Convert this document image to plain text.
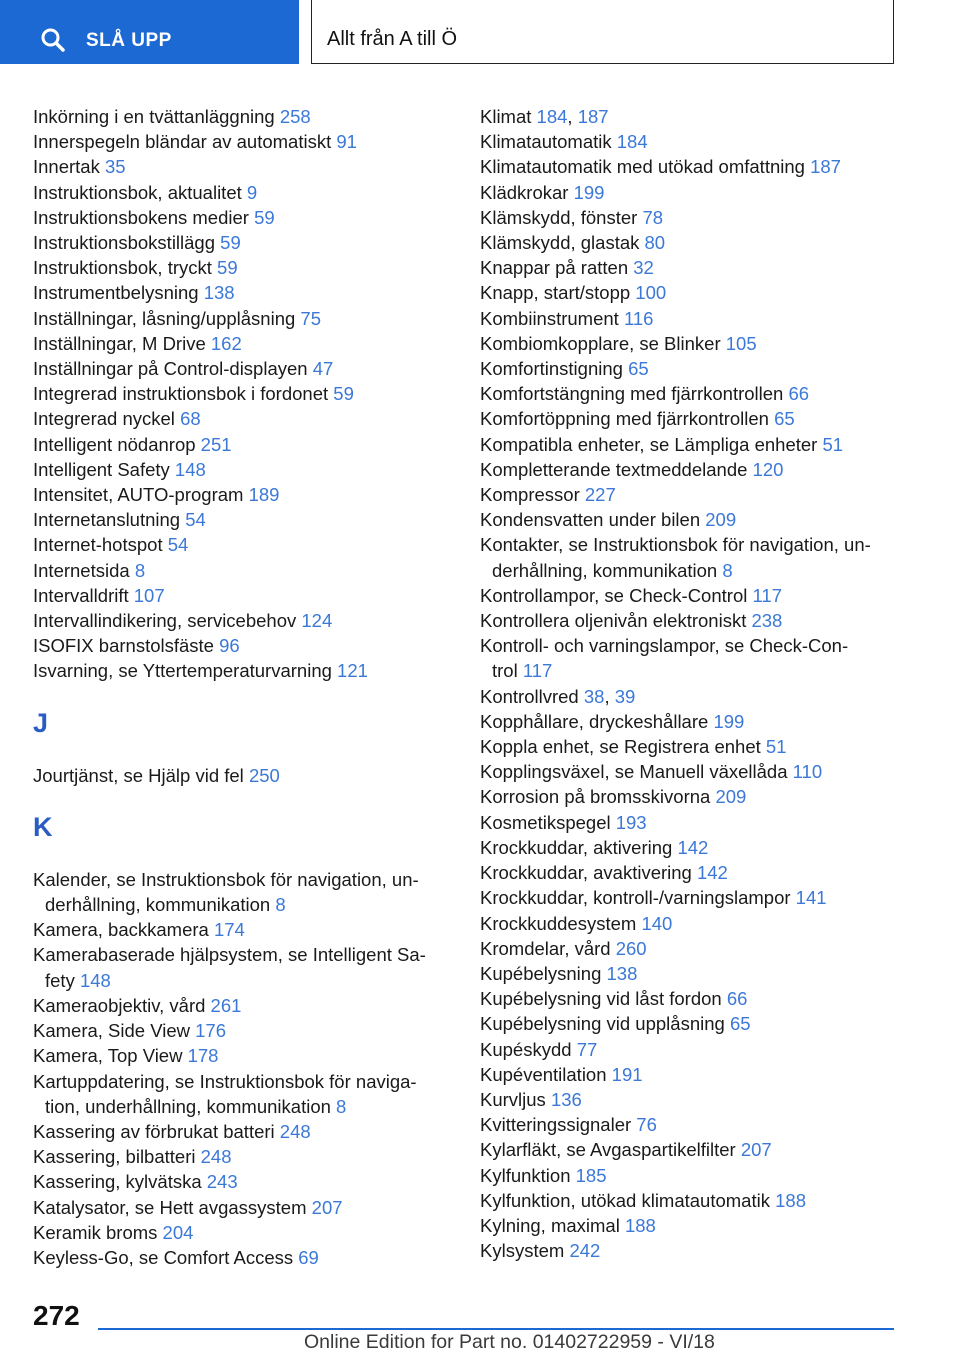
SLÅ UPP	Allt från A till Ö
Inkörning i en tvättanläggning 258
Innerspegeln bländar av automatiskt 91
Innertak 35
Instruktionsbok, aktualitet 9
Instruktionsbokens medier 59
Instruktionsbokstillägg 59
Instruktionsbok, tryckt 59
Instrumentbelysning 138
Inställningar, låsning/upplåsning 75
Inställningar, M Drive 162
Inställningar på Control-displayen 47
Integrerad instruktionsbok i fordonet 59
Integrerad nyckel 68
Intelligent nödanrop 251
Intelligent Safety 148
Intensitet, AUTO-program 189
Internetanslutning 54
Internet-hotspot 54
Internetsida 8
Intervalldrift 107
Intervallindikering, servicebehov 124
ISOFIX barnstolsfäste 96
Isvarning, se Yttertemperaturvarning 121
J
Jourtjänst, se Hjälp vid fel 250
K
Kalender, se Instruktionsbok för navigation, un-
derhållning, kommunikation 8
Kamera, backkamera 174
Kamerabaserade hjälpsystem, se Intelligent Sa-
fety 148
Kameraobjektiv, vård 261
Kamera, Side View 176
Kamera, Top View 178
Kartuppdatering, se Instruktionsbok för naviga-
tion, underhållning, kommunikation 8
Kassering av förbrukat batteri 248
Kassering, bilbatteri 248
Kassering, kylvätska 243
Katalysator, se Hett avgassystem 207
Keramik broms 204
Keyless-Go, se Comfort Access 69
Klimat 184, 187
Klimatautomatik 184
Klimatautomatik med utökad omfattning 187
Klädkrokar 199
Klämskydd, fönster 78
Klämskydd, glastak 80
Knappar på ratten 32
Knapp, start/stopp 100
Kombiinstrument 116
Kombiomkopplare, se Blinker 105
Komfortinstigning 65
Komfortstängning med fjärrkontrollen 66
Komfortöppning med fjärrkontrollen 65
Kompatibla enheter, se Lämpliga enheter 51
Kompletterande textmeddelande 120
Kompressor 227
Kondensvatten under bilen 209
Kontakter, se Instruktionsbok för navigation, un-
derhållning, kommunikation 8
Kontrollampor, se Check-Control 117
Kontrollera oljenivån elektroniskt 238
Kontroll- och varningslampor, se Check-Con-
trol 117
Kontrollvred 38, 39
Kopphållare, dryckeshållare 199
Koppla enhet, se Registrera enhet 51
Kopplingsväxel, se Manuell växellåda 110
Korrosion på bromsskivorna 209
Kosmetikspegel 193
Krockkuddar, aktivering 142
Krockkuddar, avaktivering 142
Krockkuddar, kontroll-/varningslampor 141
Krockkuddesystem 140
Kromdelar, vård 260
Kupébelysning 138
Kupébelysning vid låst fordon 66
Kupébelysning vid upplåsning 65
Kupéskydd 77
Kupéventilation 191
Kurvljus 136
Kvitteringssignaler 76
Kylarfläkt, se Avgaspartikelfilter 207
Kylfunktion 185
Kylfunktion, utökad klimatautomatik 188
Kylning, maximal 188
Kylsystem 242
272
Online Edition for Part no. 01402722959 - VI/18
